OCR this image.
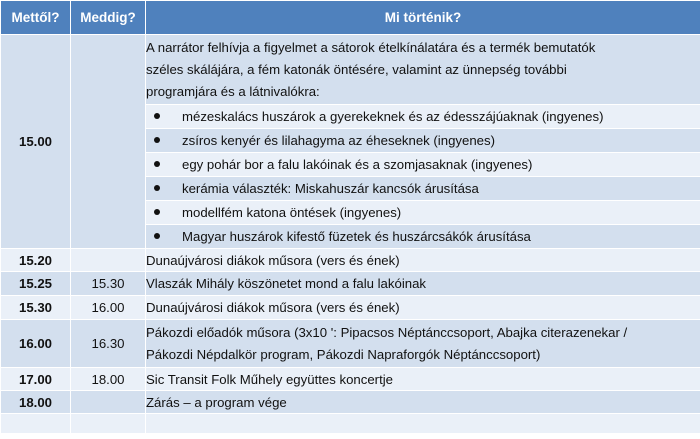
Mettől?	Meddig?	Mi történik?
15.00		A narrátor felhívja a figyelmet a sátorok ételkínálatára és a termék bemutatók
széles skálájára, a fém katonák öntésére, valamint az ünnepség további
programjára és a látnivalókra:

		mézeskalács huszárok a gyerekeknek és az édesszájúaknak (ingyenes)
		zsíros kenyér és lilahagyma az éheseknek (ingyenes)
		egy pohár bor a falu lakóinak és a szomjasaknak (ingyenes)
		kerámia választék: Miskahuszár kancsók árusítása
		modellfém katona öntések (ingyenes)
		Magyar huszárok kifestő füzetek és huszárcsákók árusítása
15.20		Dunaújvárosi diákok műsora (vers és ének)
15.25	15.30	Vlaszák Mihály köszönetet mond a falu lakóinak
15.30	16.00	Dunaújvárosi diákok műsora (vers és ének)
16.00	16.30	Pákozdi előadók műsora (3x10 ': Pipacsos Néptánccsoport, Abajka citerazenekar /
Pákozdi Népdalkör program, Pákozdi Napraforgók Néptánccsoport)

17.00	18.00	Sic Transit Folk Műhely együttes koncertje
18.00		Zárás – a program vége
